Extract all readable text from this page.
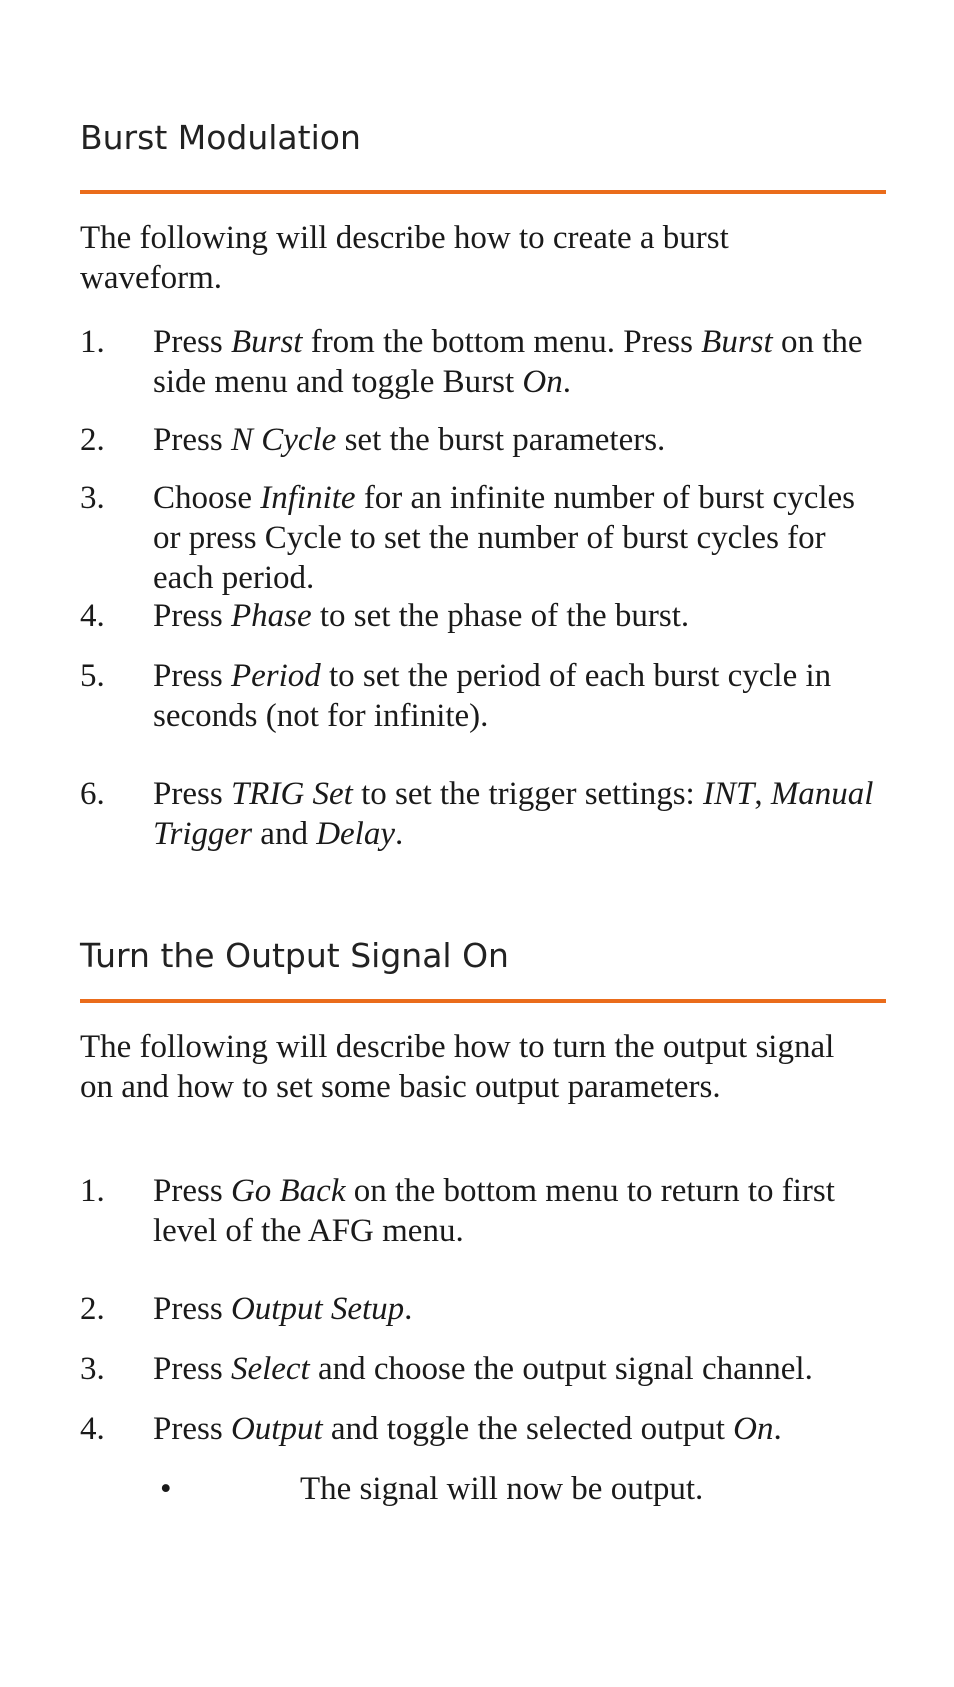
Burst Modulation

The following will describe how to create a burst waveform.

1. Press Burst from the bottom menu. Press Burst on the side menu and toggle Burst On.
2. Press N Cycle set the burst parameters.
3. Choose Infinite for an infinite number of burst cycles or press Cycle to set the number of burst cycles for each period.
4. Press Phase to set the phase of the burst.
5. Press Period to set the period of each burst cycle in seconds (not for infinite).
6. Press TRIG Set to set the trigger settings: INT, Manual Trigger and Delay.
Turn the Output Signal On

The following will describe how to turn the output signal on and how to set some basic output parameters.

1. Press Go Back on the bottom menu to return to first level of the AFG menu.
2. Press Output Setup.
3. Press Select and choose the output signal channel.
4. Press Output and toggle the selected output On.
•	The signal will now be output.
